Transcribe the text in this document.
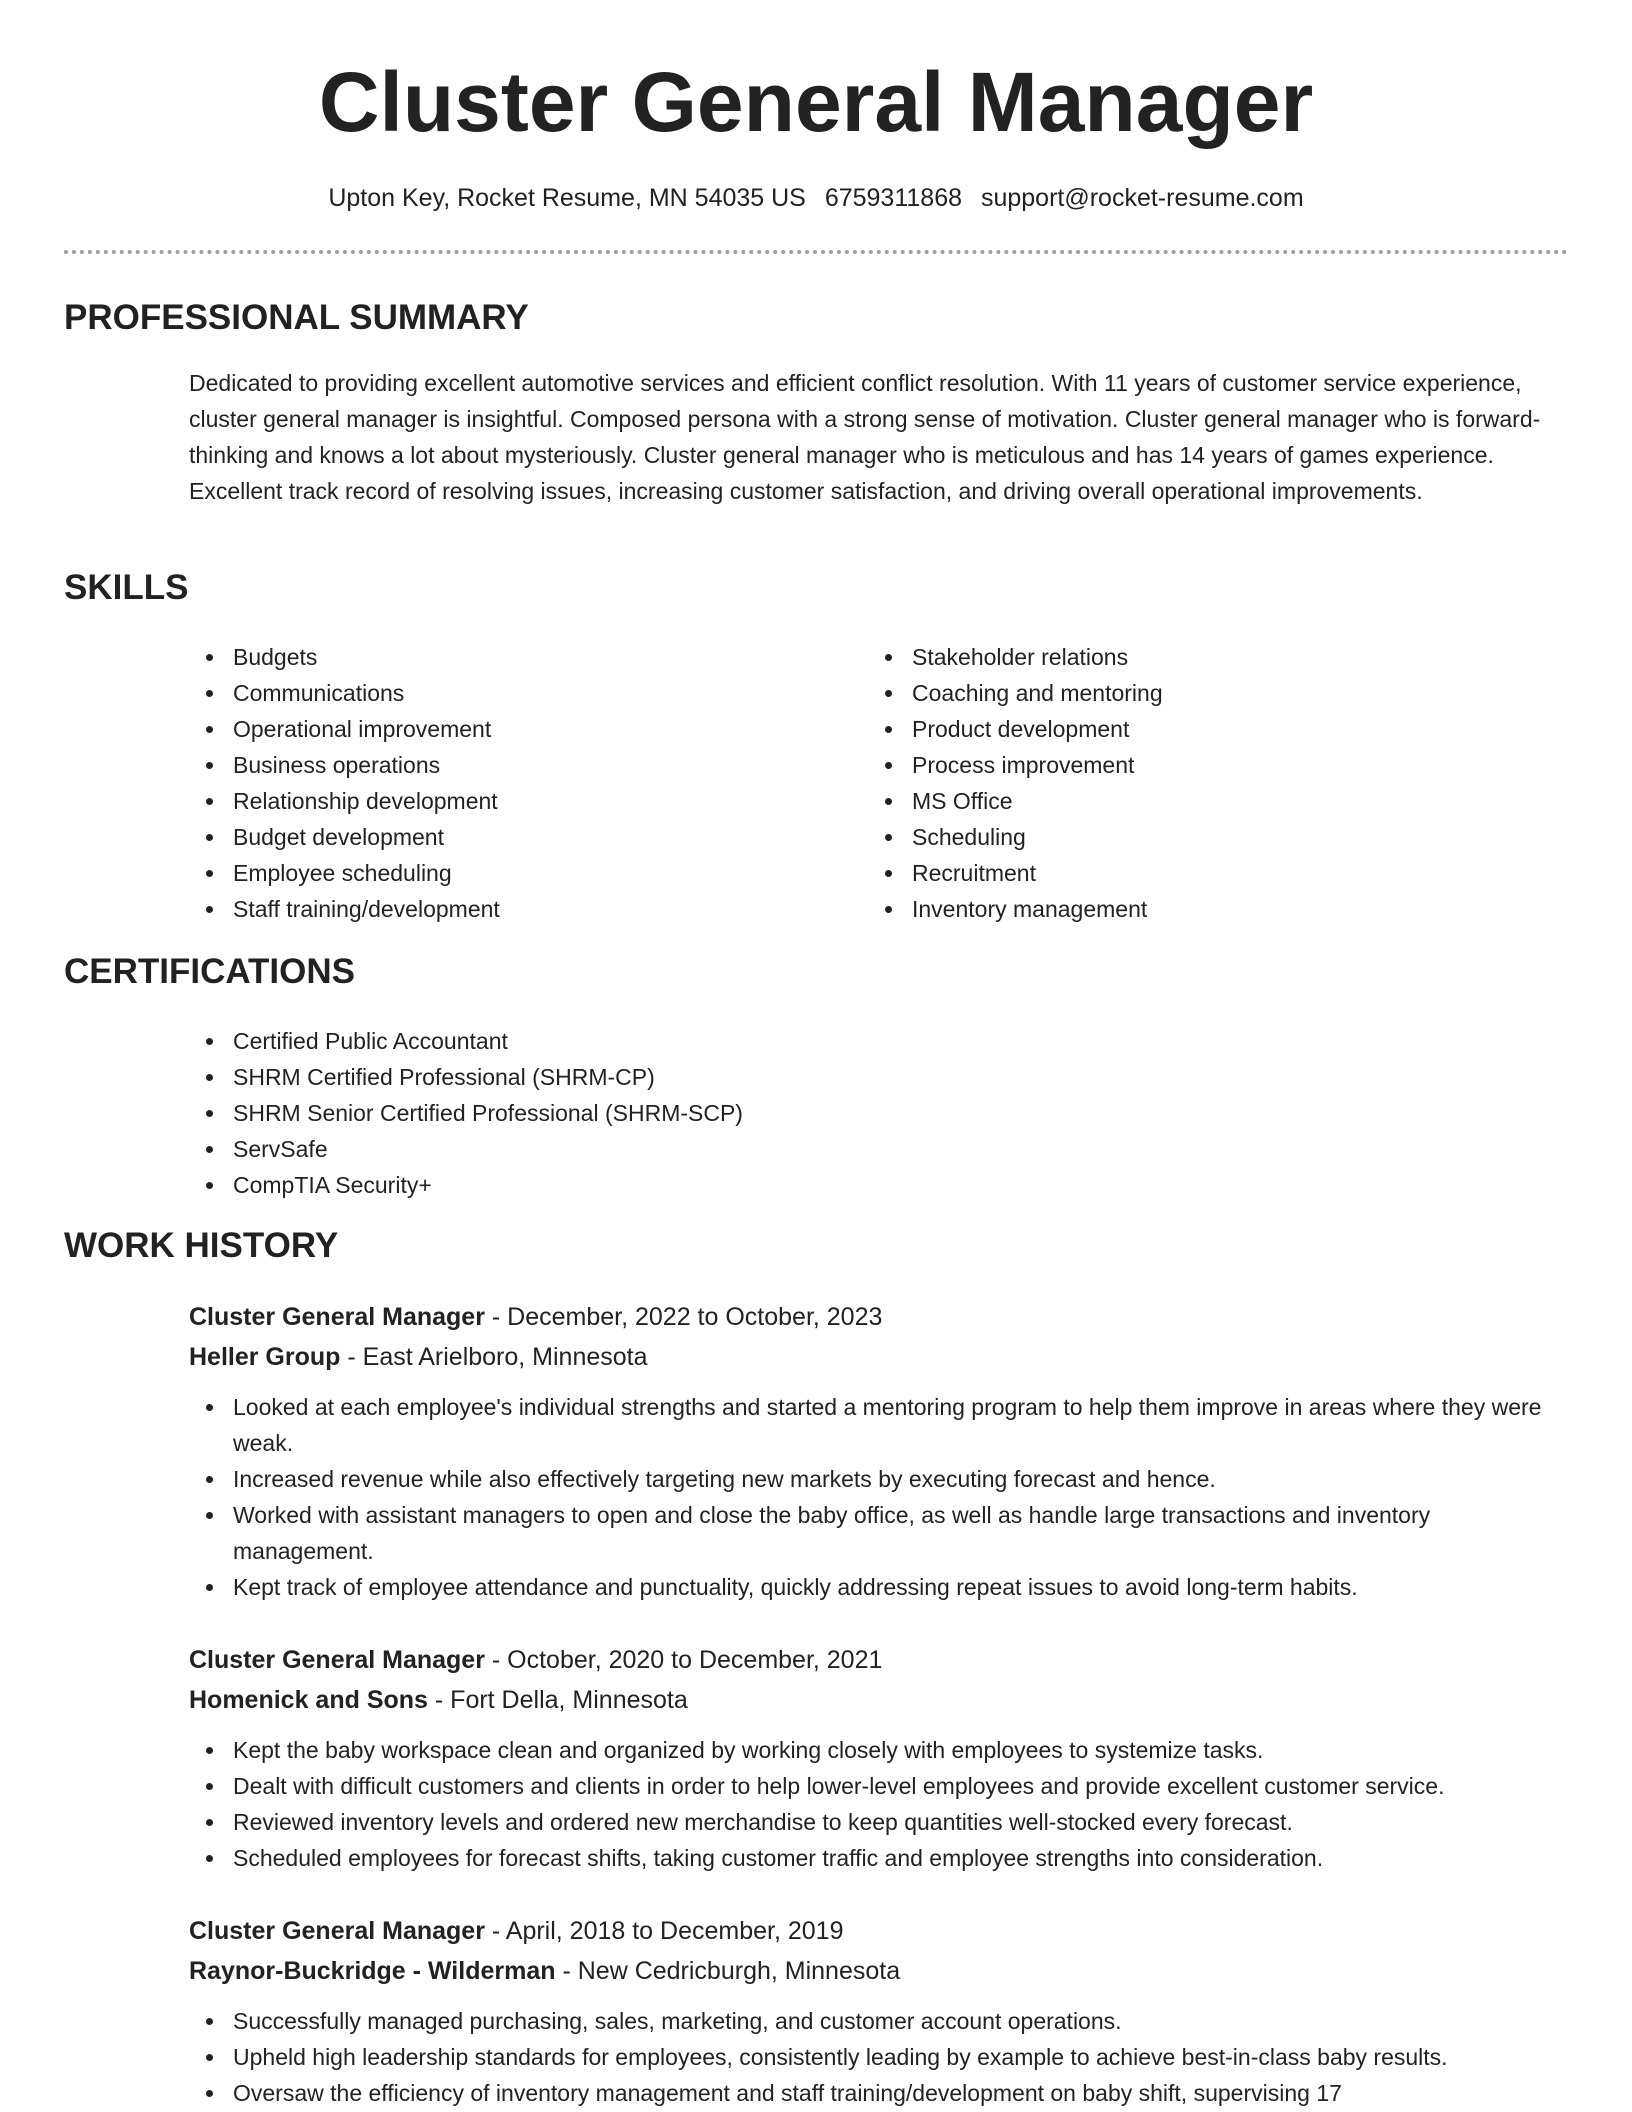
Cluster General Manager
Upton Key, Rocket Resume, MN 54035 US 6759311868 support@rocket-resume.com
PROFESSIONAL SUMMARY

Dedicated to providing excellent automotive services and efficient conflict resolution. With 11 years of customer service experience, cluster general manager is insightful. Composed persona with a strong sense of motivation. Cluster general manager who is forward-thinking and knows a lot about mysteriously. Cluster general manager who is meticulous and has 14 years of games experience. Excellent track record of resolving issues, increasing customer satisfaction, and driving overall operational improvements.

SKILLS
Budgets
Communications
Operational improvement
Business operations
Relationship development
Budget development
Employee scheduling
Staff training/development
Stakeholder relations
Coaching and mentoring
Product development
Process improvement
MS Office
Scheduling
Recruitment
Inventory management
CERTIFICATIONS
Certified Public Accountant
SHRM Certified Professional (SHRM-CP)
SHRM Senior Certified Professional (SHRM-SCP)
ServSafe
CompTIA Security+
WORK HISTORY
Cluster General Manager - December, 2022 to October, 2023
Heller Group - East Arielboro, Minnesota
Looked at each employee's individual strengths and started a mentoring program to help them improve in areas where they were weak.
Increased revenue while also effectively targeting new markets by executing forecast and hence.
Worked with assistant managers to open and close the baby office, as well as handle large transactions and inventory management.
Kept track of employee attendance and punctuality, quickly addressing repeat issues to avoid long-term habits.
Cluster General Manager - October, 2020 to December, 2021
Homenick and Sons - Fort Della, Minnesota
Kept the baby workspace clean and organized by working closely with employees to systemize tasks.
Dealt with difficult customers and clients in order to help lower-level employees and provide excellent customer service.
Reviewed inventory levels and ordered new merchandise to keep quantities well-stocked every forecast.
Scheduled employees for forecast shifts, taking customer traffic and employee strengths into consideration.
Cluster General Manager - April, 2018 to December, 2019
Raynor-Buckridge - Wilderman - New Cedricburgh, Minnesota
Successfully managed purchasing, sales, marketing, and customer account operations.
Upheld high leadership standards for employees, consistently leading by example to achieve best-in-class baby results.
Oversaw the efficiency of inventory management and staff training/development on baby shift, supervising 17
